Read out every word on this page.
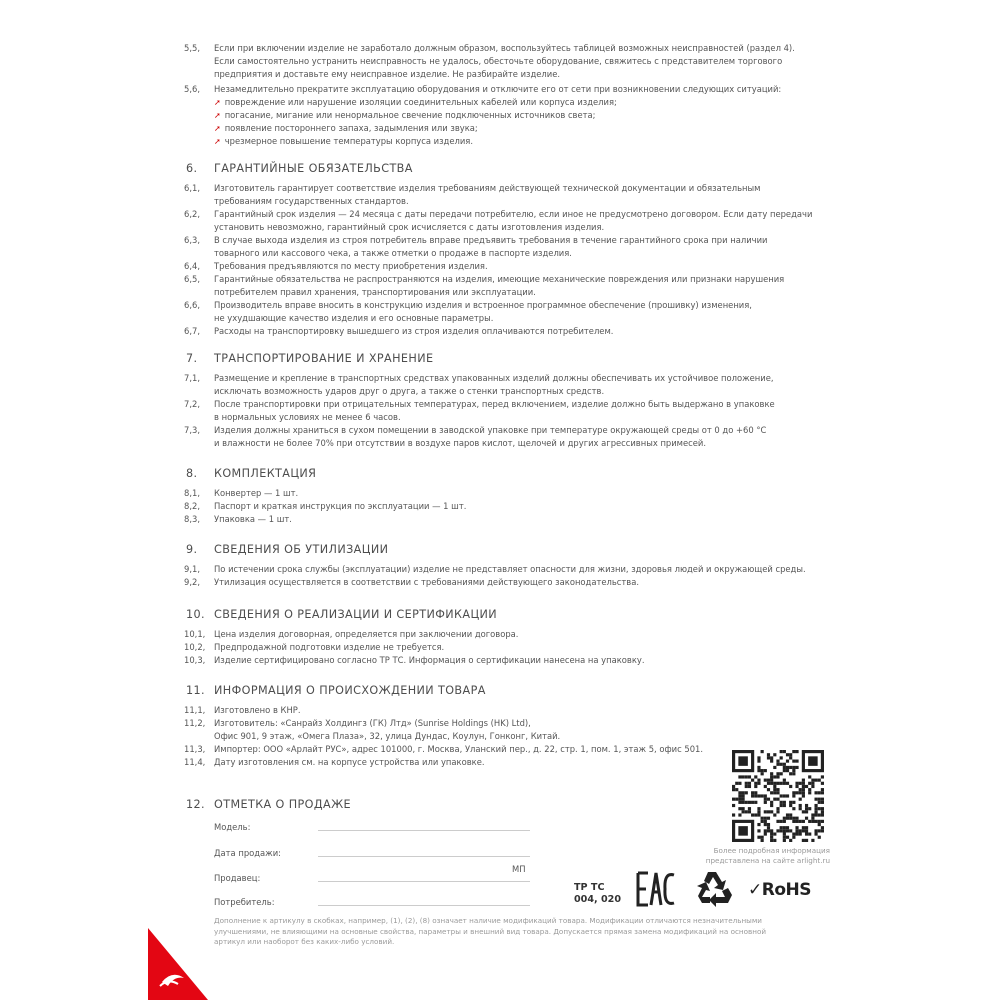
5,5,	Если при включении изделие не заработало должным образом, воспользуйтесь таблицей возможных неисправностей (раздел 4).
Если самостоятельно устранить неисправность не удалось, обесточьте оборудование, свяжитесь с представителем торгового
предприятия и доставьте ему неисправное изделие. Не разбирайте изделие.
5,6,	Незамедлительно прекратите эксплуатацию оборудования и отключите его от сети при возникновении следующих ситуаций:
➚ повреждение или нарушение изоляции соединительных кабелей или корпуса изделия;
➚ погасание, мигание или ненормальное свечение подключенных источников света;
➚ появление постороннего запаха, задымления или звука;
➚ чрезмерное повышение температуры корпуса изделия.
6.	ГАРАНТИЙНЫЕ ОБЯЗАТЕЛЬСТВА
6,1,	Изготовитель гарантирует соответствие изделия требованиям действующей технической документации и обязательным
требованиям государственных стандартов.
6,2,	Гарантийный срок изделия — 24 месяца с даты передачи потребителю, если иное не предусмотрено договором. Если дату передачи
установить невозможно, гарантийный срок исчисляется с даты изготовления изделия.
6,3,	В случае выхода изделия из строя потребитель вправе предъявить требования в течение гарантийного срока при наличии
товарного или кассового чека, а также отметки о продаже в паспорте изделия.
6,4,	Требования предъявляются по месту приобретения изделия.
6,5,	Гарантийные обязательства не распространяются на изделия, имеющие механические повреждения или признаки нарушения
потребителем правил хранения, транспортирования или эксплуатации.
6,6,	Производитель вправе вносить в конструкцию изделия и встроенное программное обеспечение (прошивку) изменения,
не ухудшающие качество изделия и его основные параметры.
6,7,	Расходы на транспортировку вышедшего из строя изделия оплачиваются потребителем.
7.	ТРАНСПОРТИРОВАНИЕ И ХРАНЕНИЕ
7,1,	Размещение и крепление в транспортных средствах упакованных изделий должны обеспечивать их устойчивое положение,
исключать возможность ударов друг о друга, а также о стенки транспортных средств.
7,2,	После транспортировки при отрицательных температурах, перед включением, изделие должно быть выдержано в упаковке
в нормальных условиях не менее 6 часов.
7,3,	Изделия должны храниться в сухом помещении в заводской упаковке при температуре окружающей среды от 0 до +60 °С
и влажности не более 70% при отсутствии в воздухе паров кислот, щелочей и других агрессивных примесей.
8.	КОМПЛЕКТАЦИЯ
8,1,	Конвертер — 1 шт.
8,2,	Паспорт и краткая инструкция по эксплуатации — 1 шт.
8,3,	Упаковка — 1 шт.
9.	СВЕДЕНИЯ ОБ УТИЛИЗАЦИИ
9,1,	По истечении срока службы (эксплуатации) изделие не представляет опасности для жизни, здоровья людей и окружающей среды.
9,2,	Утилизация осуществляется в соответствии с требованиями действующего законодательства.
10. СВЕДЕНИЯ О РЕАЛИЗАЦИИ И СЕРТИФИКАЦИИ
10,1,	Цена изделия договорная, определяется при заключении договора.
10,2,	Предпродажной подготовки изделие не требуется.
10,3,	Изделие сертифицировано согласно ТР ТС. Информация о сертификации нанесена на упаковку.
11. ИНФОРМАЦИЯ О ПРОИСХОЖДЕНИИ ТОВАРА
11,1,	Изготовлено в КНР.
11,2,	Изготовитель: «Санрайз Холдингз (ГК) Лтд» (Sunrise Holdings (HK) Ltd),
Офис 901, 9 этаж, «Омега Плаза», 32, улица Дундас, Коулун, Гонконг, Китай.
11,3,	Импортер: ООО «Арлайт РУС», адрес 101000, г. Москва, Уланский пер., д. 22, стр. 1, пом. 1, этаж 5, офис 501.
11,4,	Дату изготовления см. на корпусе устройства или упаковке.
12. ОТМЕТКА О ПРОДАЖЕ
Модель:
Дата продажи:
Продавец:
Потребитель:
МП
Дополнение к артикулу в скобках, например, (1), (2), (8) означает наличие модификаций товара. Модификации отличаются незначительными
улучшениями, не влияющими на основные свойства, параметры и внешний вид товара. Допускается прямая замена модификаций на основной
артикул или наоборот без каких-либо условий.
Более подробная информация
представлена на сайте arlight.ru
ТР ТС
004, 020	✓RoHS
